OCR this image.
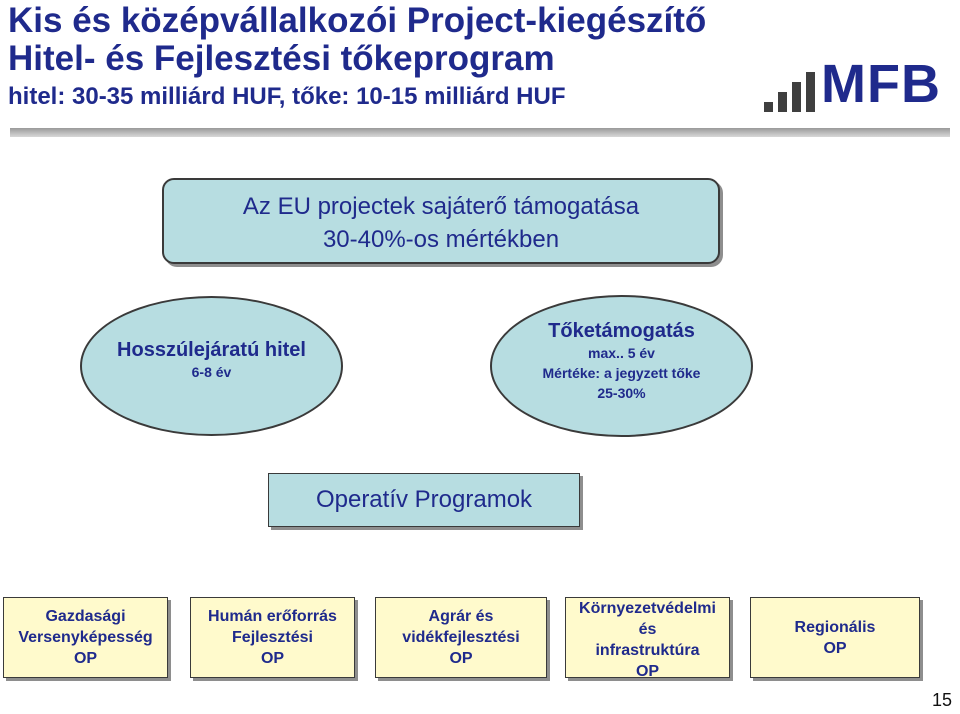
Kis és középvállalkozói Project-kiegészítő
Hitel- és Fejlesztési tőkeprogram
hitel: 30-35 milliárd HUF, tőke: 10-15 milliárd HUF	MFB
Az EU projectek sajáterő támogatása
30-40%-os mértékben
Hosszúlejáratú hitel
6-8 év
Tőketámogatás
max.. 5 év
Mértéke: a jegyzett tőke
25-30%
Operatív Programok
Gazdasági
Versenyképesség
OP
Humán erőforrás
Fejlesztési
OP
Agrár és
vidékfejlesztési
OP
Környezetvédelmi
és
infrastruktúra
OP
Regionális
OP
15
